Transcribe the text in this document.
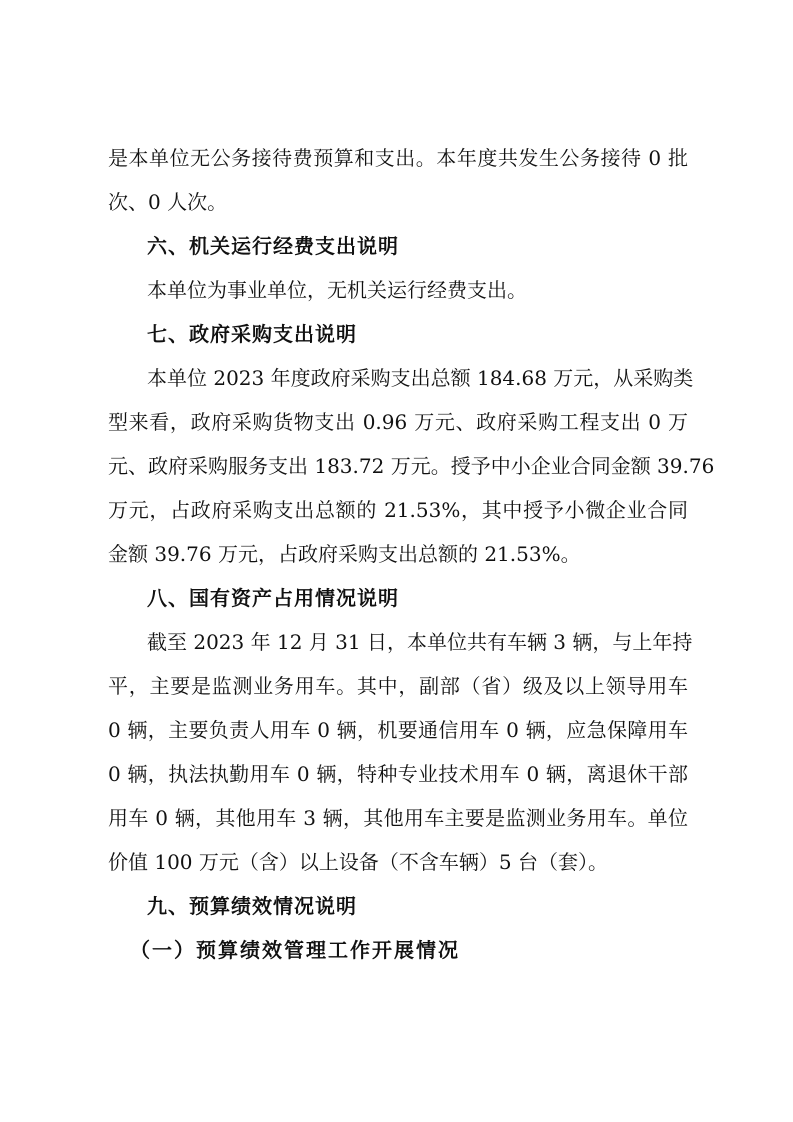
是本单位无公务接待费预算和支出。本年度共发生公务接待 0 批
次、0 人次。
六、机关运行经费支出说明
本单位为事业单位，无机关运行经费支出。
七、政府采购支出说明
本单位 2023 年度政府采购支出总额 184.68 万元，从采购类
型来看，政府采购货物支出 0.96 万元、政府采购工程支出 0 万
元、政府采购服务支出 183.72 万元。授予中小企业合同金额 39.76
万元，占政府采购支出总额的 21.53%，其中授予小微企业合同
金额 39.76 万元，占政府采购支出总额的 21.53%。
八、国有资产占用情况说明
截至 2023 年 12 月 31 日，本单位共有车辆 3 辆，与上年持
平，主要是监测业务用车。其中，副部（省）级及以上领导用车
0 辆，主要负责人用车 0 辆，机要通信用车 0 辆，应急保障用车
0 辆，执法执勤用车 0 辆，特种专业技术用车 0 辆，离退休干部
用车 0 辆，其他用车 3 辆，其他用车主要是监测业务用车。单位
价值 100 万元（含）以上设备（不含车辆）5 台（套）。
九、预算绩效情况说明
（一）预算绩效管理工作开展情况
